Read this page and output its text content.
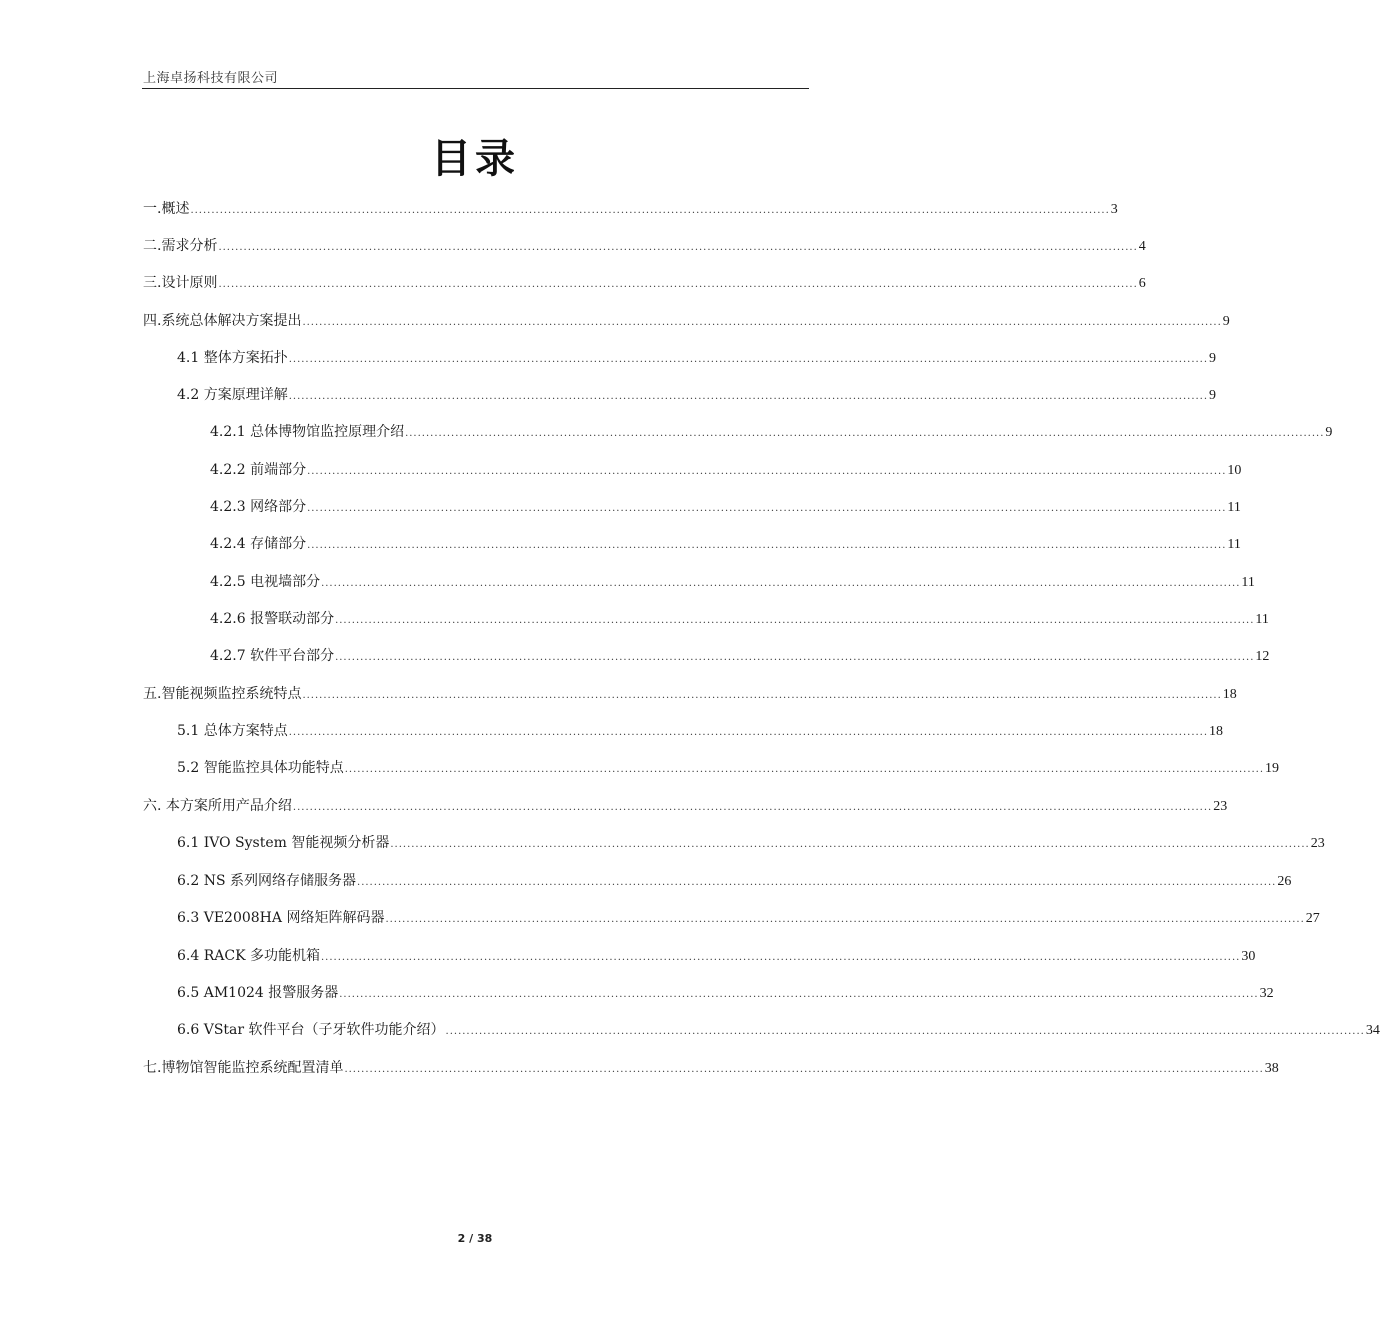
上海卓扬科技有限公司
目录
一.概述 ............................................................................................................................................................................................................................ 3
二.需求分析 ............................................................................................................................................................................................................................ 4
三.设计原则 ............................................................................................................................................................................................................................ 6
四.系统总体解决方案提出 ............................................................................................................................................................................................................................ 9
4.1 整体方案拓扑 ............................................................................................................................................................................................................................ 9
4.2 方案原理详解 ............................................................................................................................................................................................................................ 9
4.2.1 总体博物馆监控原理介绍 ............................................................................................................................................................................................................................ 9
4.2.2 前端部分 ............................................................................................................................................................................................................................ 10
4.2.3 网络部分 ............................................................................................................................................................................................................................ 11
4.2.4 存储部分 ............................................................................................................................................................................................................................ 11
4.2.5 电视墙部分 ............................................................................................................................................................................................................................ 11
4.2.6 报警联动部分 ............................................................................................................................................................................................................................ 11
4.2.7 软件平台部分 ............................................................................................................................................................................................................................ 12
五.智能视频监控系统特点 ............................................................................................................................................................................................................................ 18
5.1 总体方案特点 ............................................................................................................................................................................................................................ 18
5.2 智能监控具体功能特点 ............................................................................................................................................................................................................................ 19
六. 本方案所用产品介绍 ............................................................................................................................................................................................................................ 23
6.1 IVO System 智能视频分析器 ............................................................................................................................................................................................................................ 23
6.2 NS 系列网络存储服务器 ............................................................................................................................................................................................................................ 26
6.3 VE2008HA 网络矩阵解码器 ............................................................................................................................................................................................................................ 27
6.4 RACK 多功能机箱 ............................................................................................................................................................................................................................ 30
6.5 AM1024 报警服务器 ............................................................................................................................................................................................................................ 32
6.6 VStar 软件平台（子牙软件功能介绍） ............................................................................................................................................................................................................................ 34
七.博物馆智能监控系统配置清单 ............................................................................................................................................................................................................................ 38
2 / 38
